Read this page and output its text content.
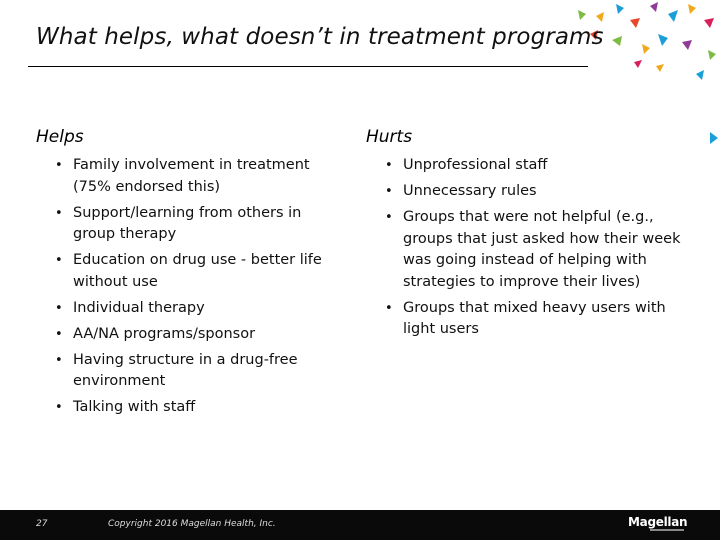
What helps, what doesn’t in treatment programs
Helps
• Family involvement in treatment (75% endorsed this)
• Support/learning from others in group therapy
• Education on drug use - better life without use
• Individual therapy
• AA/NA programs/sponsor
• Having structure in a drug-free environment
• Talking with staff
Hurts
• Unprofessional staff
• Unnecessary rules
• Groups that were not helpful (e.g., groups that just asked how their week was going instead of helping with strategies to improve their lives)
• Groups that mixed heavy users with light users
27	Copyright 2016 Magellan Health, Inc.	Magellan
